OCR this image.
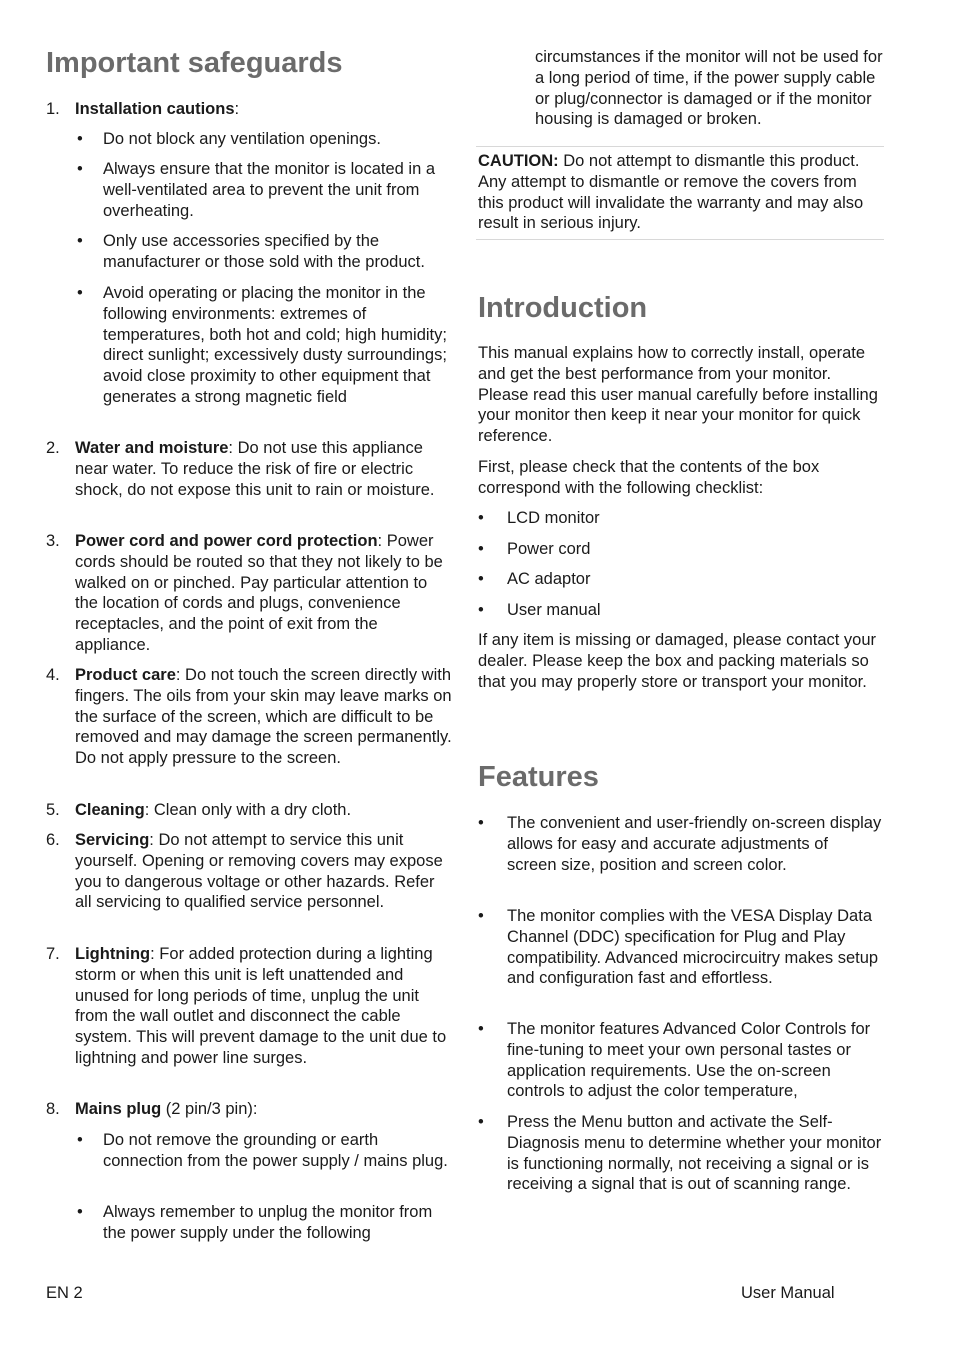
Important safeguards
1. Installation cautions:
• Do not block any ventilation openings.
• Always ensure that the monitor is located in a well-ventilated area to prevent the unit from overheating.
• Only use accessories specified by the manufacturer or those sold with the product.
• Avoid operating or placing the monitor in the following environments: extremes of temperatures, both hot and cold; high humidity; direct sunlight; excessively dusty surroundings; avoid close proximity to other equipment that generates a strong magnetic field
2. Water and moisture: Do not use this appliance near water. To reduce the risk of fire or electric shock, do not expose this unit to rain or moisture.
3. Power cord and power cord protection: Power cords should be routed so that they not likely to be walked on or pinched. Pay particular attention to the location of cords and plugs, convenience receptacles, and the point of exit from the appliance.
4. Product care: Do not touch the screen directly with fingers. The oils from your skin may leave marks on the surface of the screen, which are difficult to be removed and may damage the screen permanently. Do not apply pressure to the screen.
5. Cleaning: Clean only with a dry cloth.
6. Servicing: Do not attempt to service this unit yourself. Opening or removing covers may expose you to dangerous voltage or other hazards. Refer all servicing to qualified service personnel.
7. Lightning: For added protection during a lighting storm or when this unit is left unattended and unused for long periods of time, unplug the unit from the wall outlet and disconnect the cable system. This will prevent damage to the unit due to lightning and power line surges.
8. Mains plug (2 pin/3 pin):
• Do not remove the grounding or earth connection from the power supply / mains plug.
• Always remember to unplug the monitor from the power supply under the following
circumstances if the monitor will not be used for a long period of time, if the power supply cable or plug/connector is damaged or if the monitor housing is damaged or broken.
CAUTION: Do not attempt to dismantle this product. Any attempt to dismantle or remove the covers from this product will invalidate the warranty and may also result in serious injury.
Introduction
This manual explains how to correctly install, operate and get the best performance from your monitor. Please read this user manual carefully before installing your monitor then keep it near your monitor for quick reference.
First, please check that the contents of the box correspond with the following checklist:
• LCD monitor
• Power cord
• AC adaptor
• User manual
If any item is missing or damaged, please contact your dealer. Please keep the box and packing materials so that you may properly store or transport your monitor.
Features
• The convenient and user-friendly on-screen display allows for easy and accurate adjustments of screen size, position and screen color.
• The monitor complies with the VESA Display Data Channel (DDC) specification for Plug and Play compatibility. Advanced microcircuitry makes setup and configuration fast and effortless.
• The monitor features Advanced Color Controls for fine-tuning to meet your own personal tastes or application requirements. Use the on-screen controls to adjust the color temperature,
• Press the Menu button and activate the Self-Diagnosis menu to determine whether your monitor is functioning normally, not receiving a signal or is receiving a signal that is out of scanning range.
EN 2	User Manual
